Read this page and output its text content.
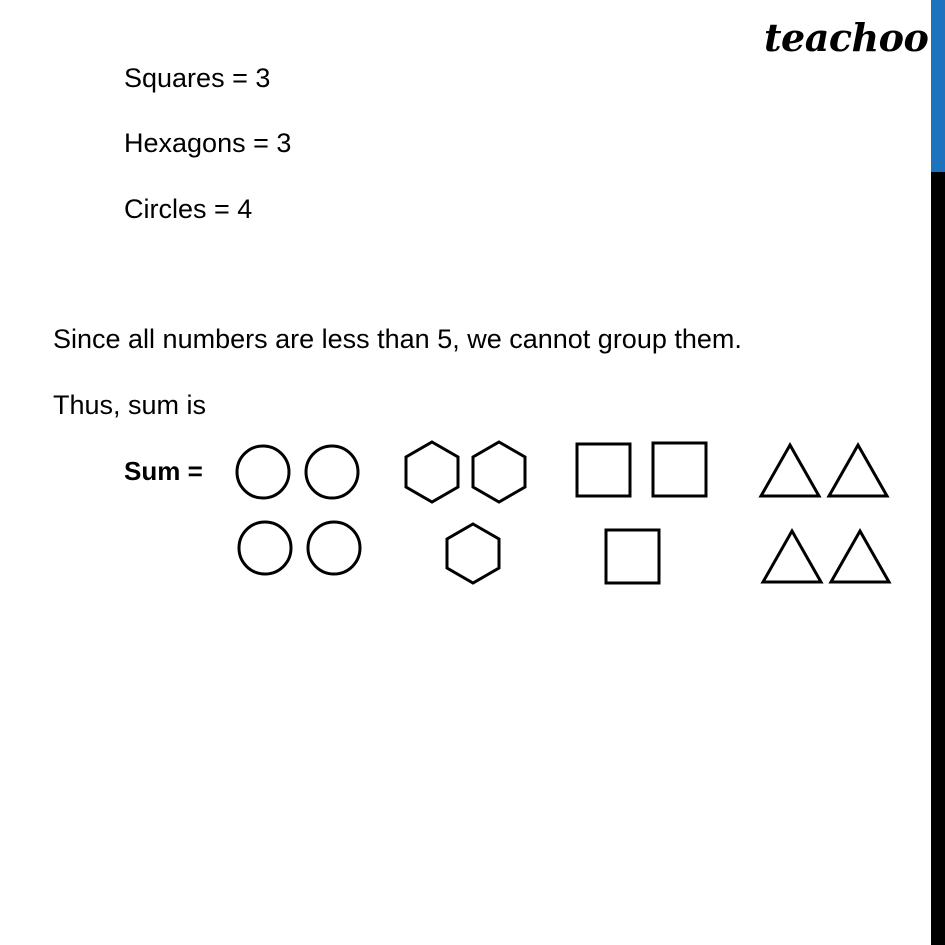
teachoo
Squares = 3
Hexagons = 3
Circles = 4
Since all numbers are less than 5, we cannot group them.
Thus, sum is
Sum =
